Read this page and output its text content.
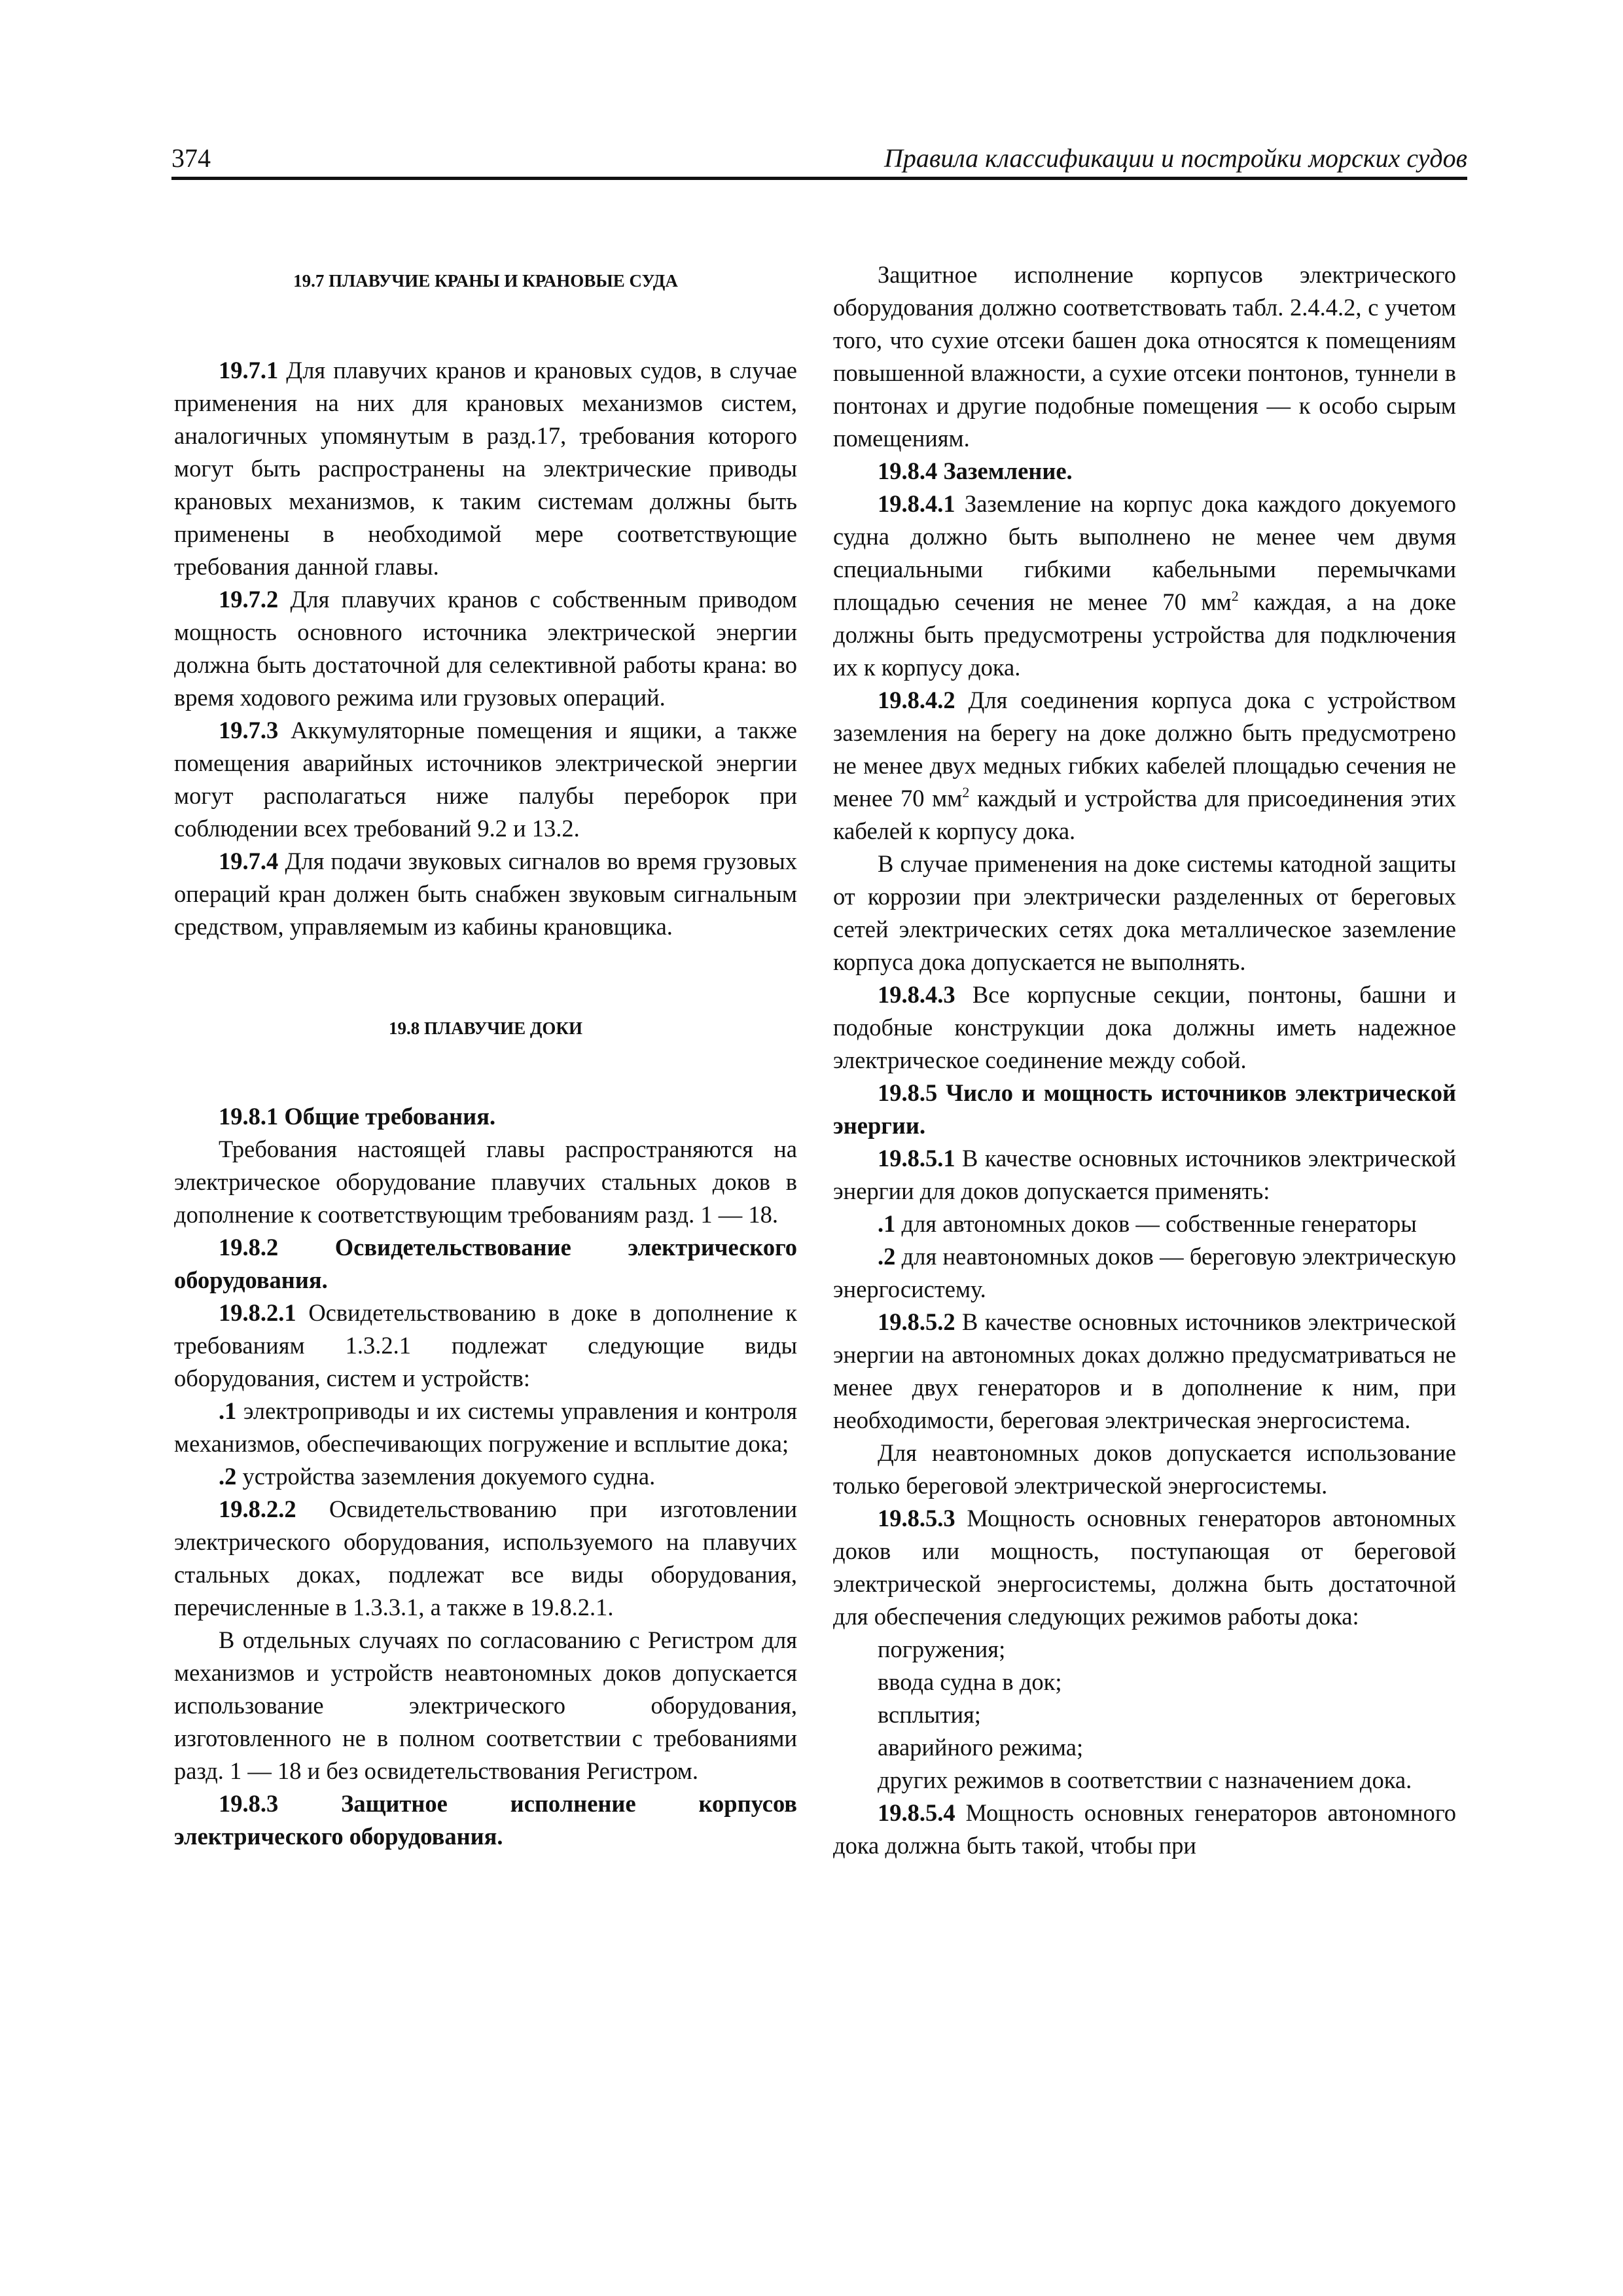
374	Правила классификации и постройки морских судов

19.7 ПЛАВУЧИЕ КРАНЫ И КРАНОВЫЕ СУДА

19.7.1 Для плавучих кранов и крановых судов, в случае применения на них для крановых механизмов систем, аналогичных упомянутым в разд.17, требования которого могут быть распространены на электрические приводы крановых механизмов, к таким системам должны быть применены в необходимой мере соответствующие требования данной главы.

19.7.2 Для плавучих кранов с собственным приводом мощность основного источника электрической энергии должна быть достаточной для селективной работы крана: во время ходового режима или грузовых операций.

19.7.3 Аккумуляторные помещения и ящики, а также помещения аварийных источников электрической энергии могут располагаться ниже палубы переборок при соблюдении всех требований 9.2 и 13.2.

19.7.4 Для подачи звуковых сигналов во время грузовых операций кран должен быть снабжен звуковым сигнальным средством, управляемым из кабины крановщика.

19.8 ПЛАВУЧИЕ ДОКИ

19.8.1 Общие требования.

Требования настоящей главы распространяются на электрическое оборудование плавучих стальных доков в дополнение к соответствующим требованиям разд. 1 — 18.

19.8.2 Освидетельствование электрического оборудования.

19.8.2.1 Освидетельствованию в доке в дополнение к требованиям 1.3.2.1 подлежат следующие виды оборудования, систем и устройств:

.1 электроприводы и их системы управления и контроля механизмов, обеспечивающих погружение и всплытие дока;

.2 устройства заземления докуемого судна.

19.8.2.2 Освидетельствованию при изготовлении электрического оборудования, используемого на плавучих стальных доках, подлежат все виды оборудования, перечисленные в 1.3.3.1, а также в 19.8.2.1.

В отдельных случаях по согласованию с Регистром для механизмов и устройств неавтономных доков допускается использование электрического оборудования, изготовленного не в полном соответствии с требованиями разд. 1 — 18 и без освидетельствования Регистром.

19.8.3 Защитное исполнение корпусов электрического оборудования.

Защитное исполнение корпусов электрического оборудования должно соответствовать табл. 2.4.4.2, с учетом того, что сухие отсеки башен дока относятся к помещениям повышенной влажности, а сухие отсеки понтонов, туннели в понтонах и другие подобные помещения — к особо сырым помещениям.

19.8.4 Заземление.

19.8.4.1 Заземление на корпус дока каждого докуемого судна должно быть выполнено не менее чем двумя специальными гибкими кабельными перемычками площадью сечения не менее 70 $мм^2$ каждая, а на доке должны быть предусмотрены устройства для подключения их к корпусу дока.

19.8.4.2 Для соединения корпуса дока с устройством заземления на берегу на доке должно быть предусмотрено не менее двух медных гибких кабелей площадью сечения не менее 70 $мм^2$ каждый и устройства для присоединения этих кабелей к корпусу дока.

В случае применения на доке системы катодной защиты от коррозии при электрически разделенных от береговых сетей электрических сетях дока металлическое заземление корпуса дока допускается не выполнять.

19.8.4.3 Все корпусные секции, понтоны, башни и подобные конструкции дока должны иметь надежное электрическое соединение между собой.

19.8.5 Число и мощность источников электрической энергии.

19.8.5.1 В качестве основных источников электрической энергии для доков допускается применять:

.1 для автономных доков — собственные генераторы

.2 для неавтономных доков — береговую электрическую энергосистему.

19.8.5.2 В качестве основных источников электрической энергии на автономных доках должно предусматриваться не менее двух генераторов и в дополнение к ним, при необходимости, береговая электрическая энергосистема.

Для неавтономных доков допускается использование только береговой электрической энергосистемы.

19.8.5.3 Мощность основных генераторов автономных доков или мощность, поступающая от береговой электрической энергосистемы, должна быть достаточной для обеспечения следующих режимов работы дока:

погружения;

ввода судна в док;

всплытия;

аварийного режима;

других режимов в соответствии с назначением дока.

19.8.5.4 Мощность основных генераторов автономного дока должна быть такой, чтобы при
